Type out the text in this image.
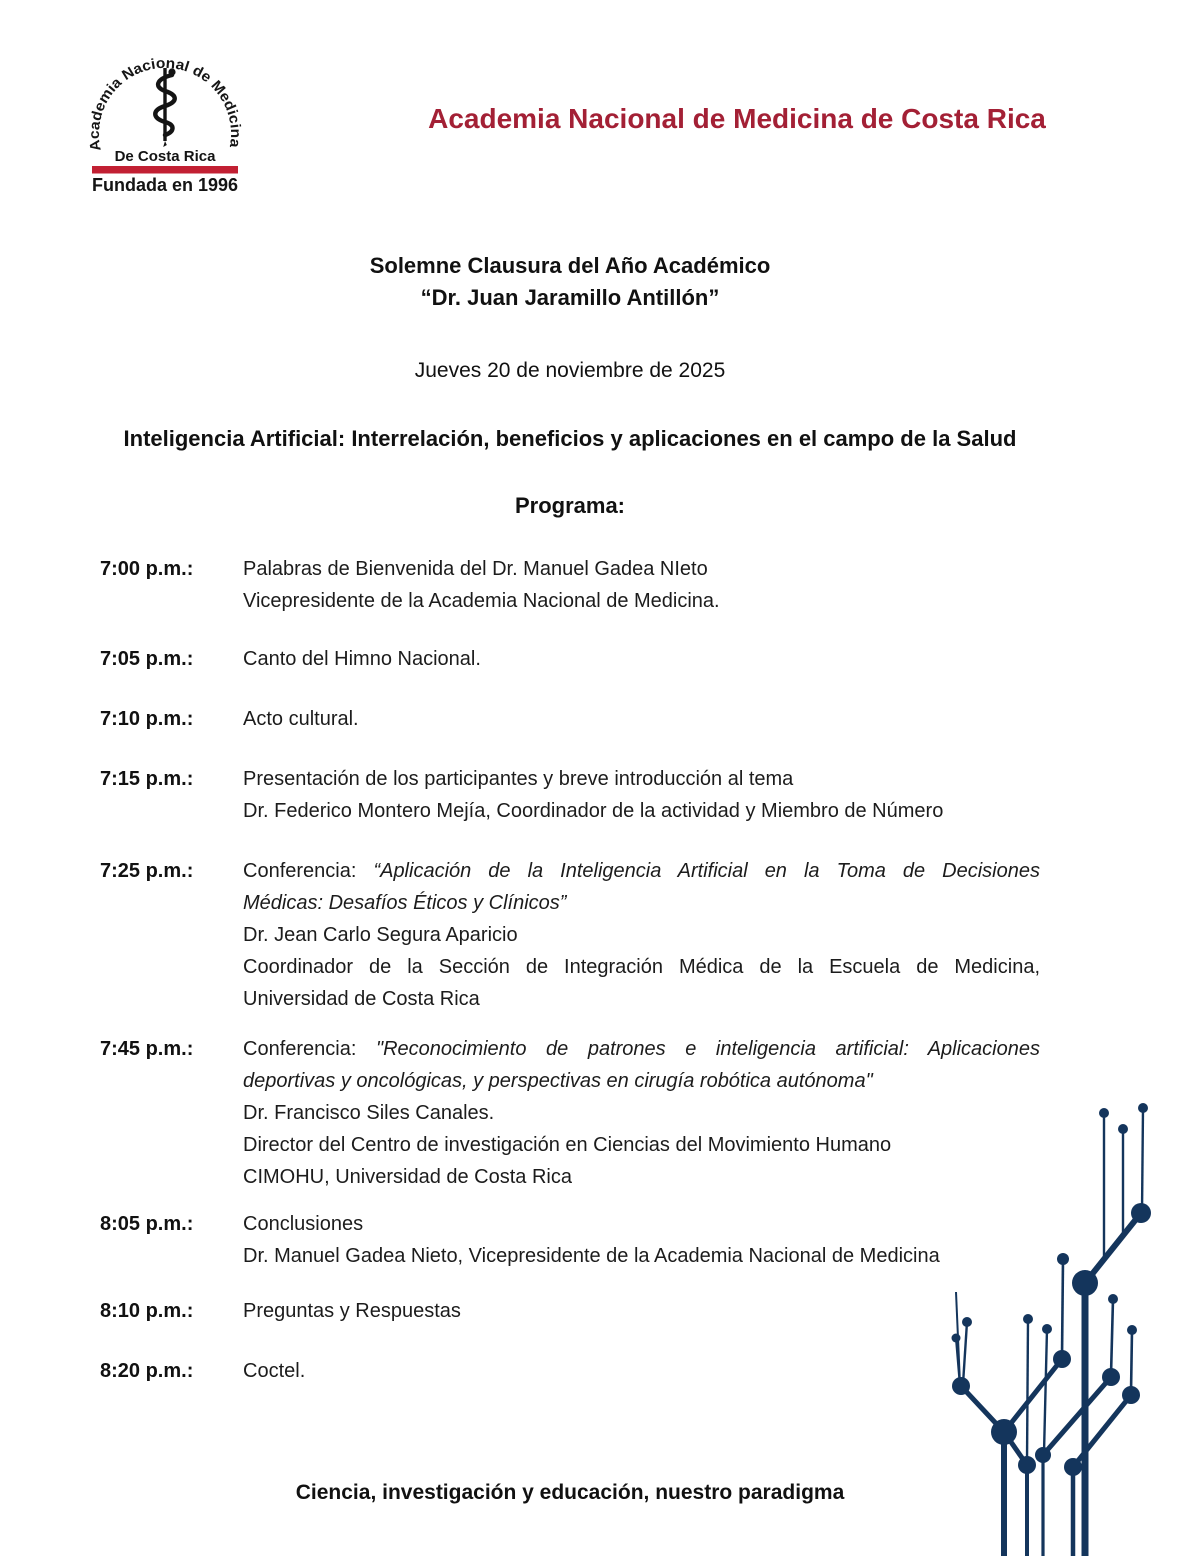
Academia Nacional de Medicina
De Costa Rica
Fundada en 1996
Academia Nacional de Medicina de Costa Rica
Solemne Clausura del Año Académico
“Dr. Juan Jaramillo Antillón”
Jueves 20 de noviembre de 2025
Inteligencia Artificial: Interrelación, beneficios y aplicaciones en el campo de la Salud
Programa:
7:00 p.m.:	Palabras de Bienvenida del Dr. Manuel Gadea NIeto
Vicepresidente de la Academia Nacional de Medicina.
7:05 p.m.:	Canto del Himno Nacional.
7:10 p.m.:	Acto cultural.
7:15 p.m.:	Presentación de los participantes y breve introducción al tema
Dr. Federico Montero Mejía, Coordinador de la actividad y Miembro de Número
7:25 p.m.:	Conferencia: “Aplicación de la Inteligencia Artificial en la Toma de Decisiones
Médicas: Desafíos Éticos y Clínicos”
Dr. Jean Carlo Segura Aparicio
Coordinador de la Sección de Integración Médica de la Escuela de Medicina,
Universidad de Costa Rica
7:45 p.m.:	Conferencia: "Reconocimiento de patrones e inteligencia artificial: Aplicaciones
deportivas y oncológicas, y perspectivas en cirugía robótica autónoma"
Dr. Francisco Siles Canales.
Director del Centro de investigación en Ciencias del Movimiento Humano
CIMOHU, Universidad de Costa Rica
8:05 p.m.:	Conclusiones
Dr. Manuel Gadea Nieto, Vicepresidente de la Academia Nacional de Medicina
8:10 p.m.:	Preguntas y Respuestas
8:20 p.m.:	Coctel.
Ciencia, investigación y educación, nuestro paradigma
